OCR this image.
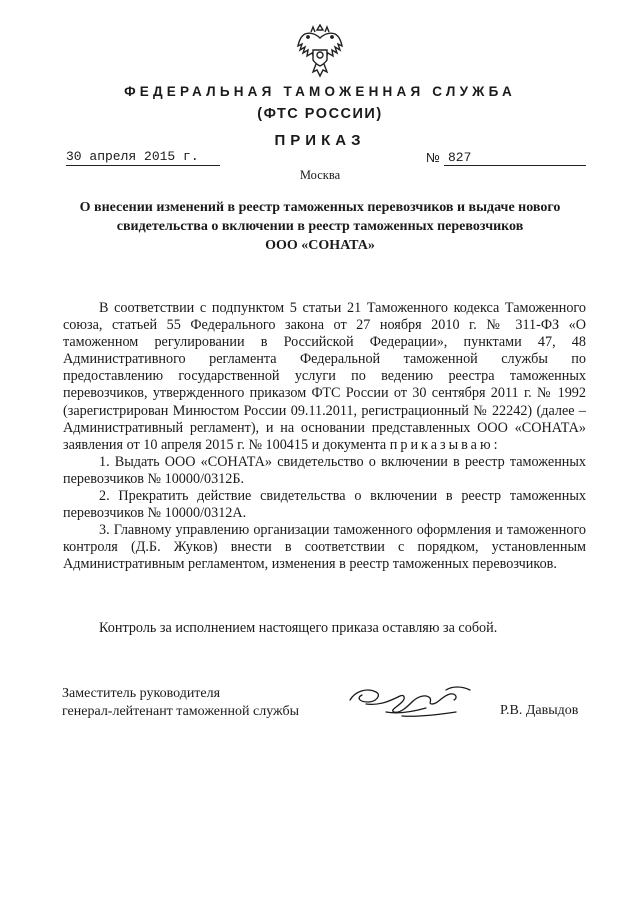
ФЕДЕРАЛЬНАЯ ТАМОЖЕННАЯ СЛУЖБА
(ФТС РОССИИ)
ПРИКАЗ
30 апреля 2015 г.	№ 827
Москва
О внесении изменений в реестр таможенных перевозчиков и выдаче нового
свидетельства о включении в реестр таможенных перевозчиков
ООО «СОНАТА»

В соответствии с подпунктом 5 статьи 21 Таможенного кодекса Таможенного союза, статьей 55 Федерального закона от 27 ноября 2010 г. № 311-ФЗ «О таможенном регулировании в Российской Федерации», пунктами 47, 48 Административного регламента Федеральной таможенной службы по предоставлению государственной услуги по ведению реестра таможенных перевозчиков, утвержденного приказом ФТС России от 30 сентября 2011 г. № 1992 (зарегистрирован Минюстом России 09.11.2011, регистрационный № 22242) (далее – Административный регламент), и на основании представленных ООО «СОНАТА» заявления от 10 апреля 2015 г. № 100415 и документа приказываю:

1. Выдать ООО «СОНАТА» свидетельство о включении в реестр таможенных перевозчиков № 10000/0312Б.

2. Прекратить действие свидетельства о включении в реестр таможенных перевозчиков № 10000/0312А.

3. Главному управлению организации таможенного оформления и таможенного контроля (Д.Б. Жуков) внести в соответствии с порядком, установленным Административным регламентом, изменения в реестр таможенных перевозчиков.

Контроль за исполнением настоящего приказа оставляю за собой.
Заместитель руководителя
генерал-лейтенант таможенной службы	Р.В. Давыдов
